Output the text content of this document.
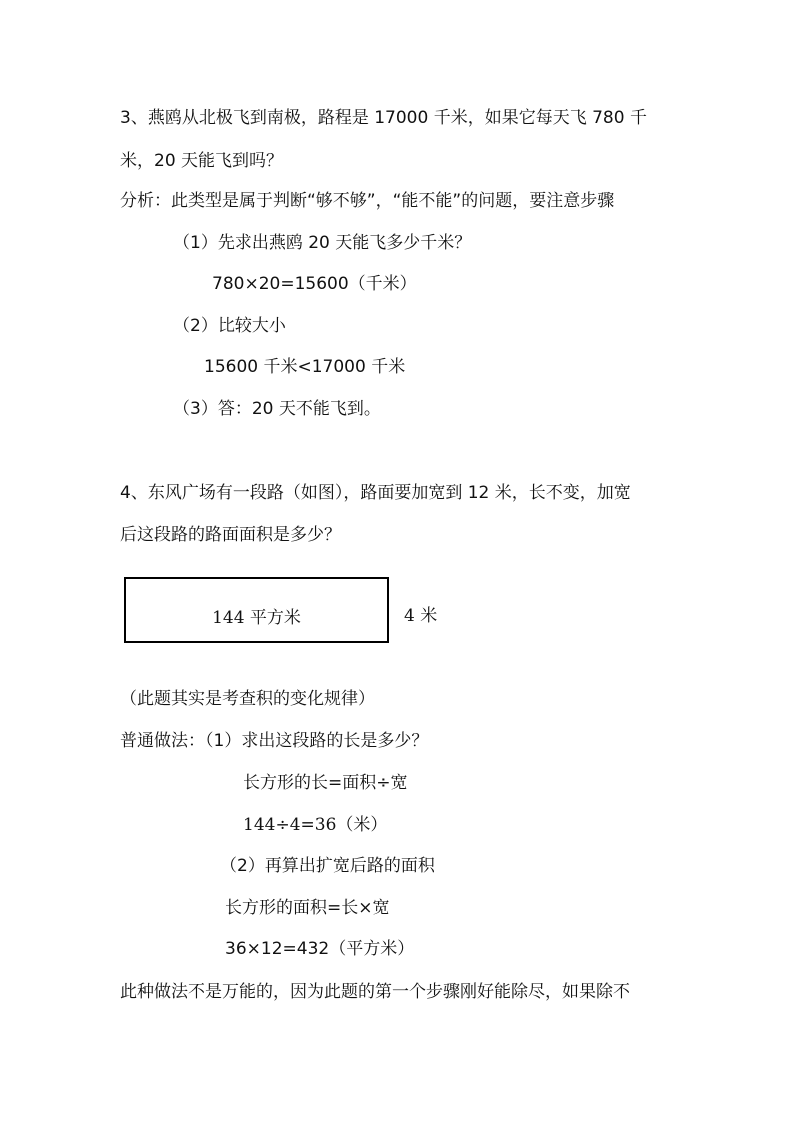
3、燕鸥从北极飞到南极，路程是 17000 千米，如果它每天飞 780 千
米，20 天能飞到吗？
分析：此类型是属于判断“够不够”，“能不能”的问题，要注意步骤
（1）先求出燕鸥 20 天能飞多少千米？
780×20=15600（千米）
（2）比较大小
15600 千米<17000 千米
（3）答：20 天不能飞到。
4、东风广场有一段路（如图），路面要加宽到 12 米，长不变，加宽
后这段路的路面面积是多少？
144 平方米	4 米
（此题其实是考查积的变化规律）
普通做法：（1）求出这段路的长是多少？
长方形的长=面积÷宽
144÷4=36（米）
（2）再算出扩宽后路的面积
长方形的面积=长×宽
36×12=432（平方米）
此种做法不是万能的，因为此题的第一个步骤刚好能除尽，如果除不
